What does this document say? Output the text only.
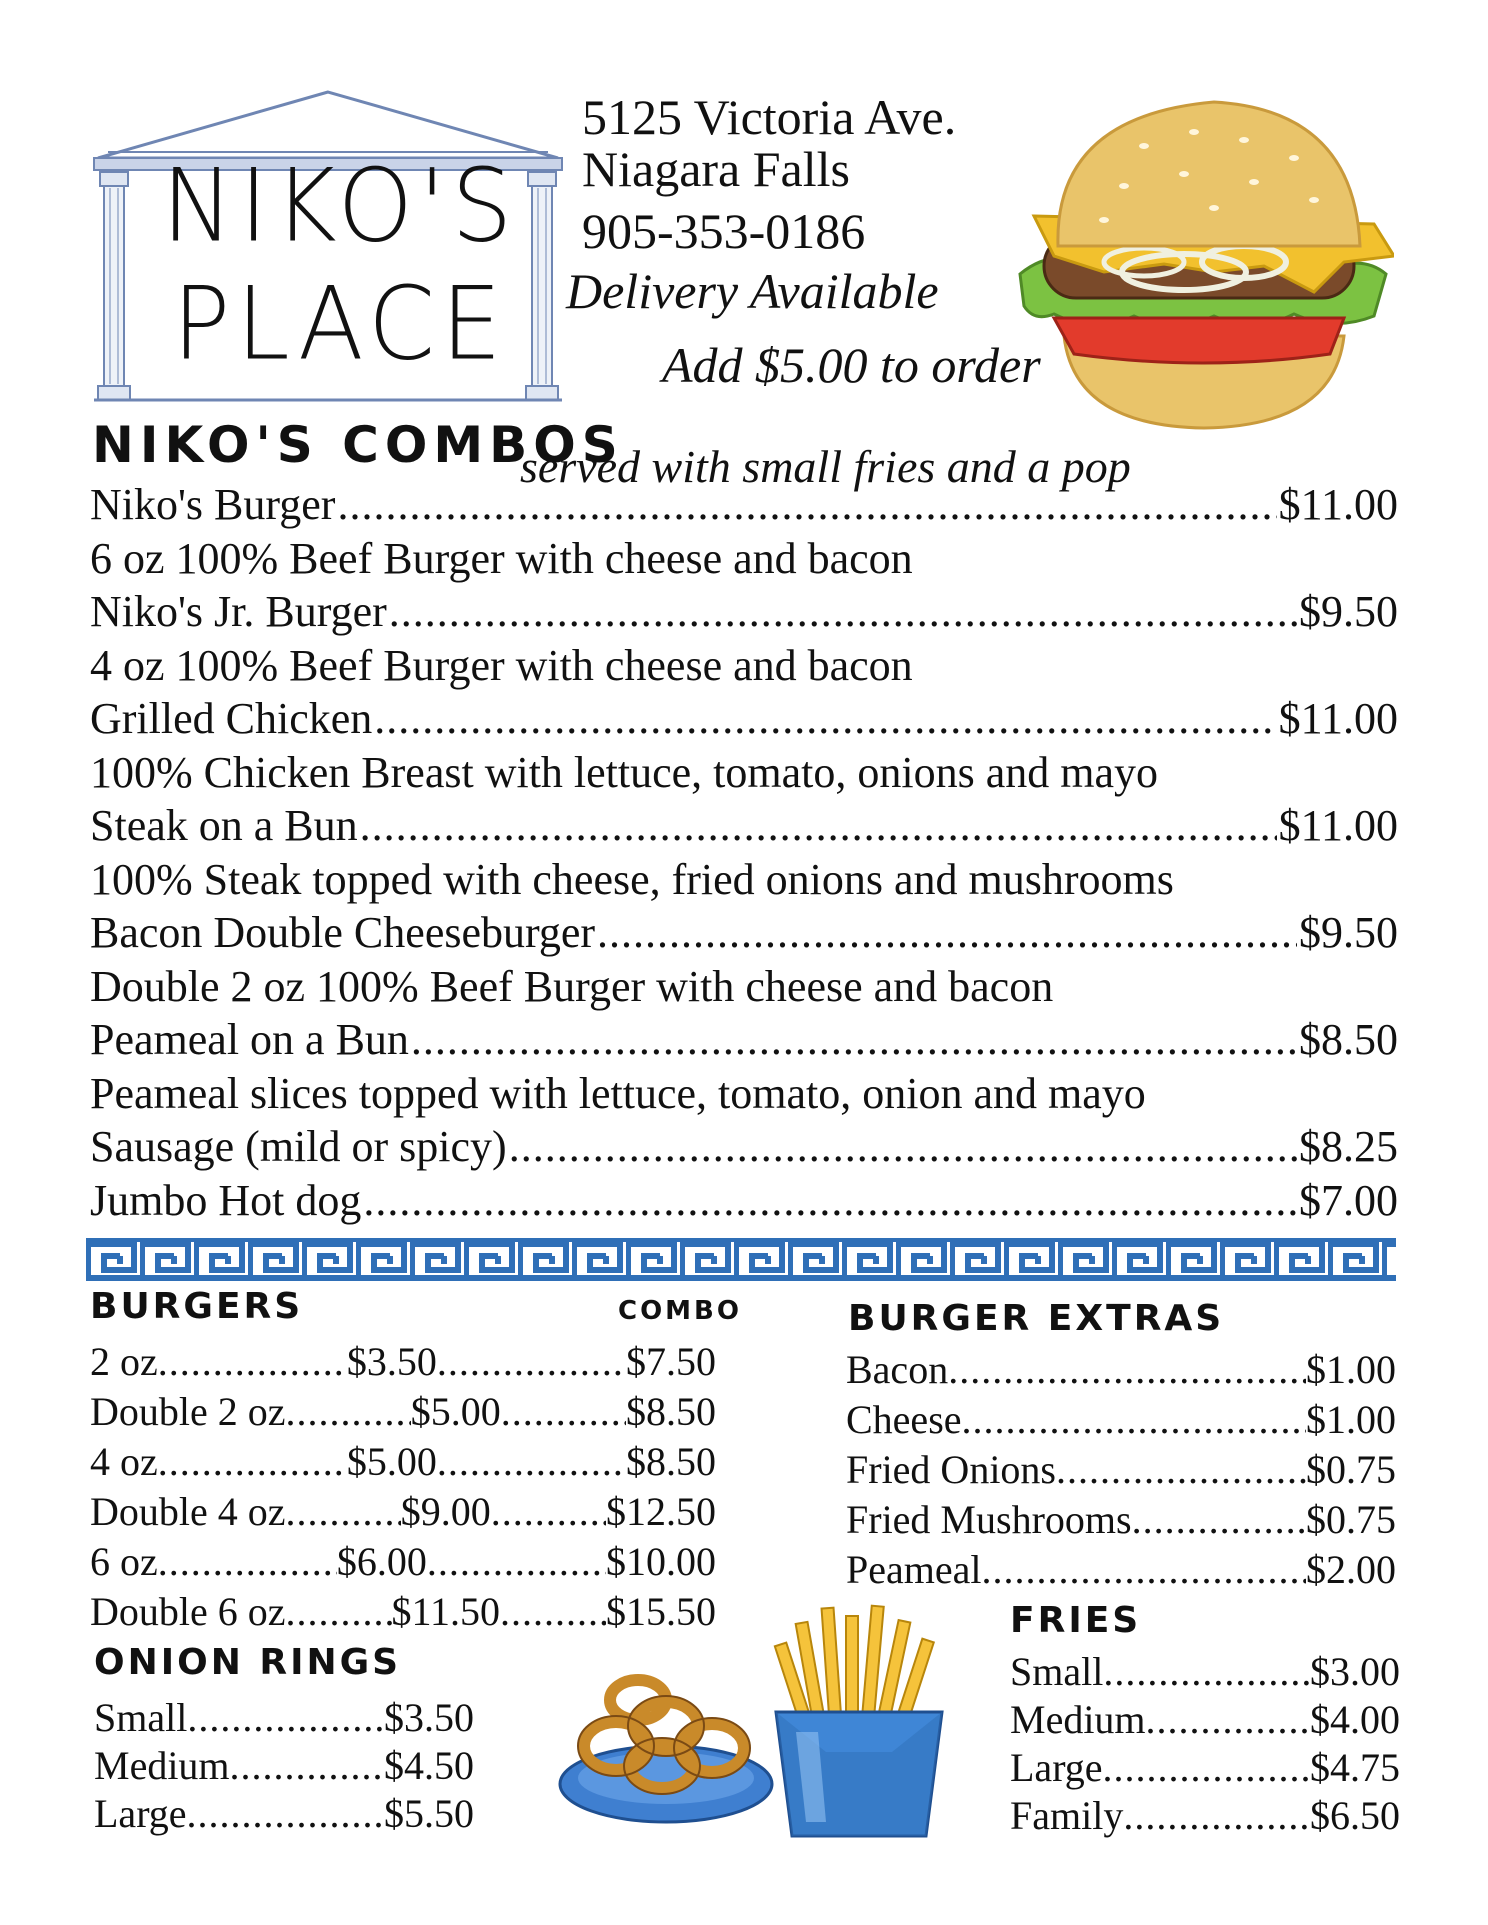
NIKO'S
PLACE
5125 Victoria Ave.
Niagara Falls
905-353-0186
Delivery Available
Add $5.00 to order
NIKO'S COMBOS
served with small fries and a pop
Niko's Burger .....	$11.00
6 oz 100% Beef Burger with cheese and bacon
Niko's Jr. Burger .....	$9.50
4 oz 100% Beef Burger with cheese and bacon
Grilled Chicken .....	$11.00
100% Chicken Breast with lettuce, tomato, onions and mayo
Steak on a Bun .....	$11.00
100% Steak topped with cheese, fried onions and mushrooms
Bacon Double Cheeseburger .....	$9.50
Double 2 oz 100% Beef Burger with cheese and bacon
Peameal on a Bun .....	$8.50
Peameal slices topped with lettuce, tomato, onion and mayo
Sausage (mild or spicy) .....	$8.25
Jumbo Hot dog .....	$7.00
BURGERS	COMBO
2 oz .....	$3.50 .....	$7.50
Double 2 oz .....	$5.00 .....	$8.50
4 oz .....	$5.00 .....	$8.50
Double 4 oz .....	$9.00 .....	$12.50
6 oz .....	$6.00 .....	$10.00
Double 6 oz .....	$11.50 .....	$15.50
ONION RINGS
Small .....	$3.50
Medium .....	$4.50
Large .....	$5.50
BURGER EXTRAS
Bacon .....	$1.00
Cheese .....	$1.00
Fried Onions .....	$0.75
Fried Mushrooms .....	$0.75
Peameal .....	$2.00
FRIES
Small .....	$3.00
Medium .....	$4.00
Large .....	$4.75
Family .....	$6.50
